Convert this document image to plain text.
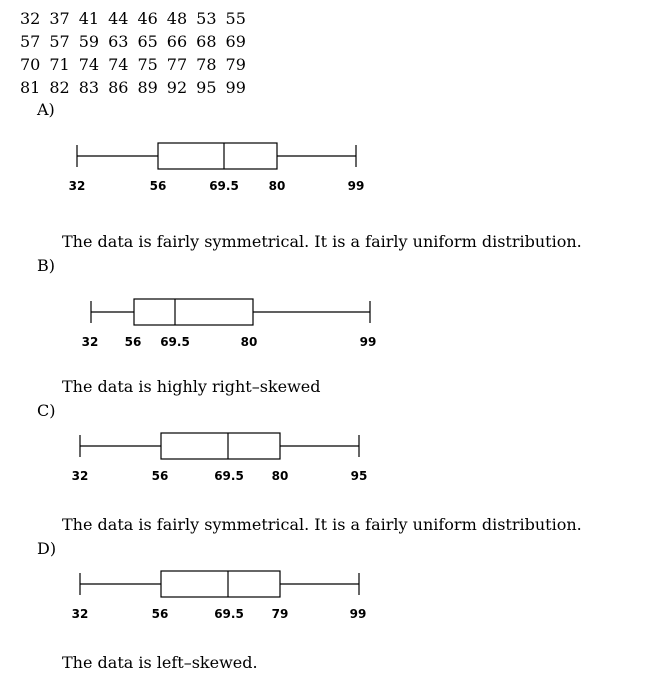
32	37	41	44	46	48	53	55
57	57	59	63	65	66	68	69
70	71	74	74	75	77	78	79
81	82	83	86	89	92	95	99
A)
32	56	69.5 80	99
The data is fairly symmetrical. It is a fairly uniform distribution.
B)
32 56 69.5	80	99
The data is highly right–skewed
C)
32	56	69.5 80	95
The data is fairly symmetrical. It is a fairly uniform distribution.
D)
32	56	69.5 79	99
The data is left–skewed.
